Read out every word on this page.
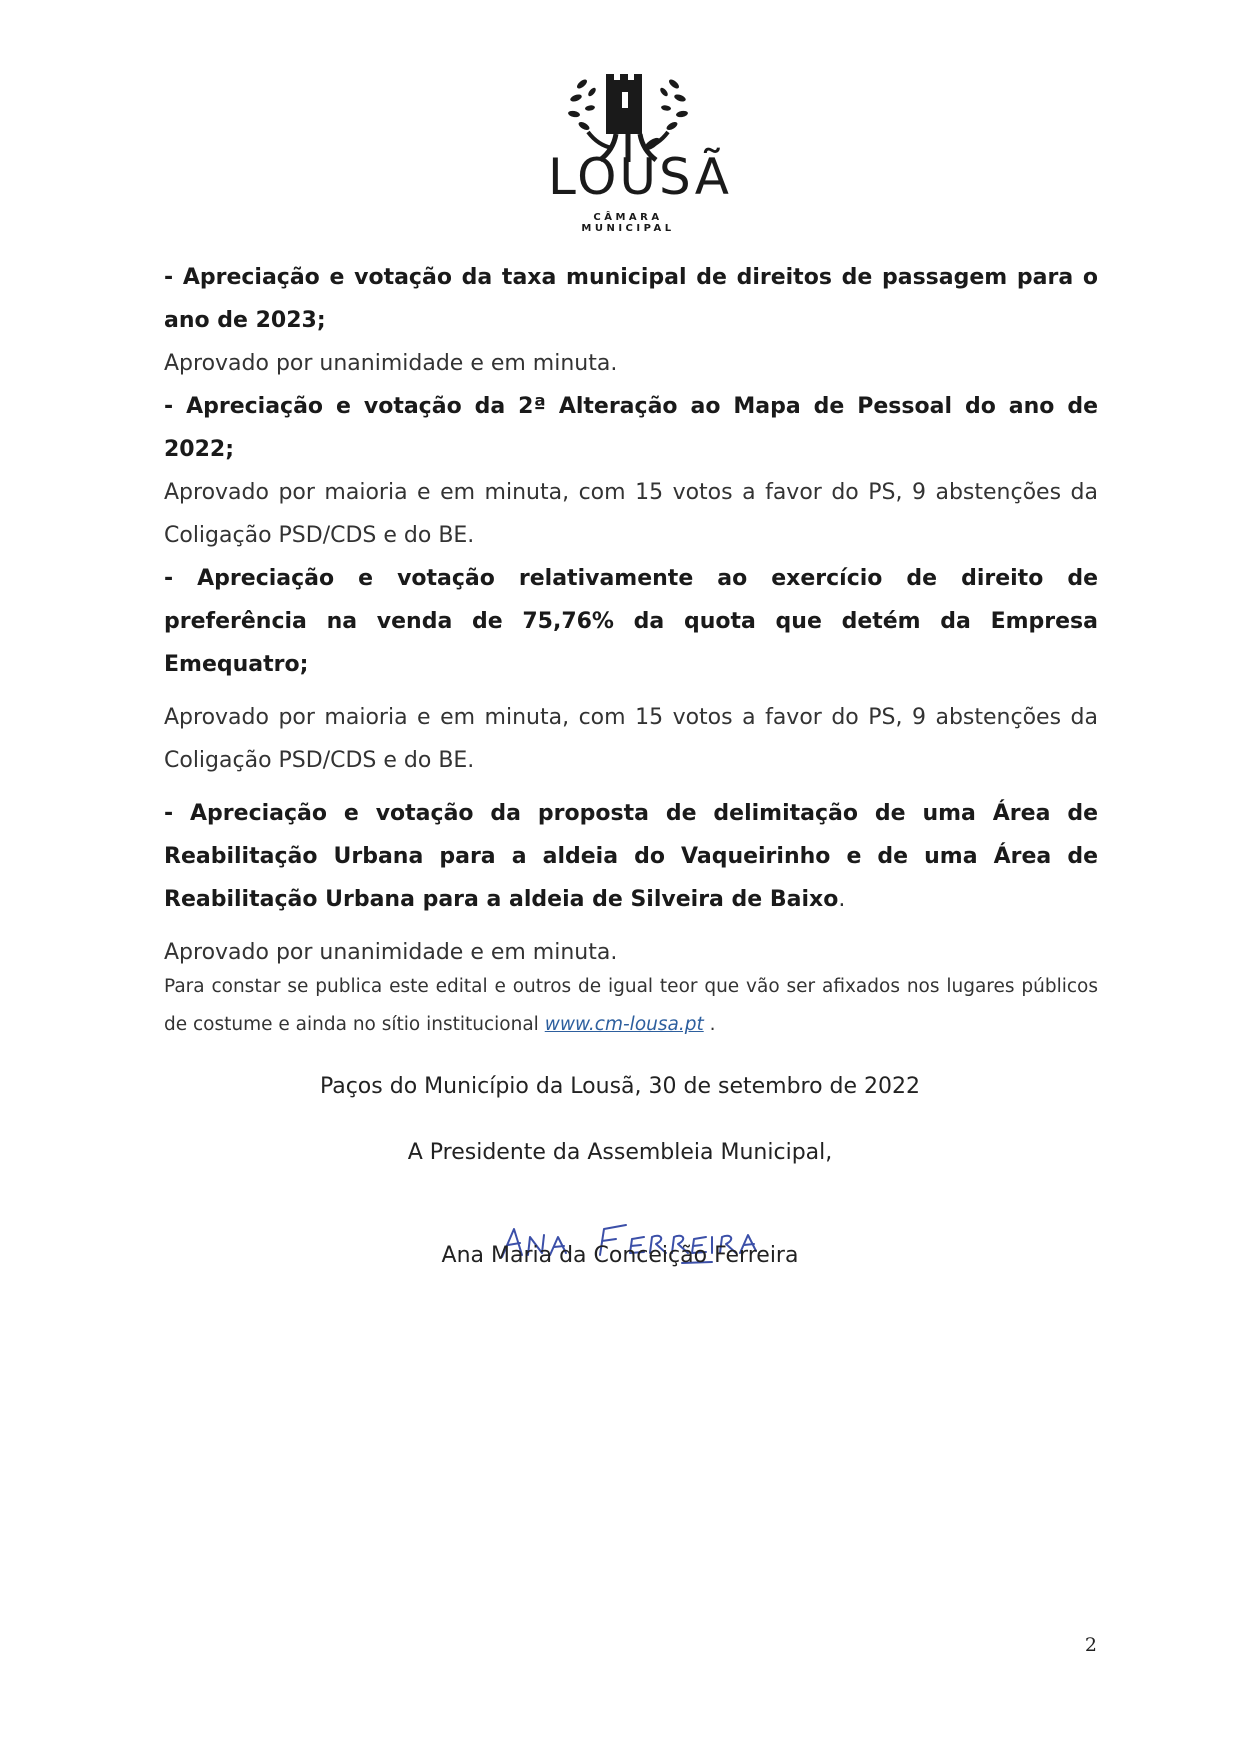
LOUSÃ
CÂMARA MUNICIPAL

- Apreciação e votação da taxa municipal de direitos de passagem para o ano de 2023;

Aprovado por unanimidade e em minuta.

- Apreciação e votação da 2ª Alteração ao Mapa de Pessoal do ano de 2022;

Aprovado por maioria e em minuta, com 15 votos a favor do PS, 9 abstenções da Coligação PSD/CDS e do BE.

- Apreciação e votação relativamente ao exercício de direito de preferência na venda de 75,76% da quota que detém da Empresa Emequatro;

Aprovado por maioria e em minuta, com 15 votos a favor do PS, 9 abstenções da Coligação PSD/CDS e do BE.

- Apreciação e votação da proposta de delimitação de uma Área de Reabilitação Urbana para a aldeia do Vaqueirinho e de uma Área de Reabilitação Urbana para a aldeia de Silveira de Baixo.

Aprovado por unanimidade e em minuta.

Para constar se publica este edital e outros de igual teor que vão ser afixados nos lugares públicos de costume e ainda no sítio institucional www.cm-lousa.pt .
Paços do Município da Lousã, 30 de setembro de 2022
A Presidente da Assembleia Municipal,
Ana Maria da Conceição Ferreira
2
